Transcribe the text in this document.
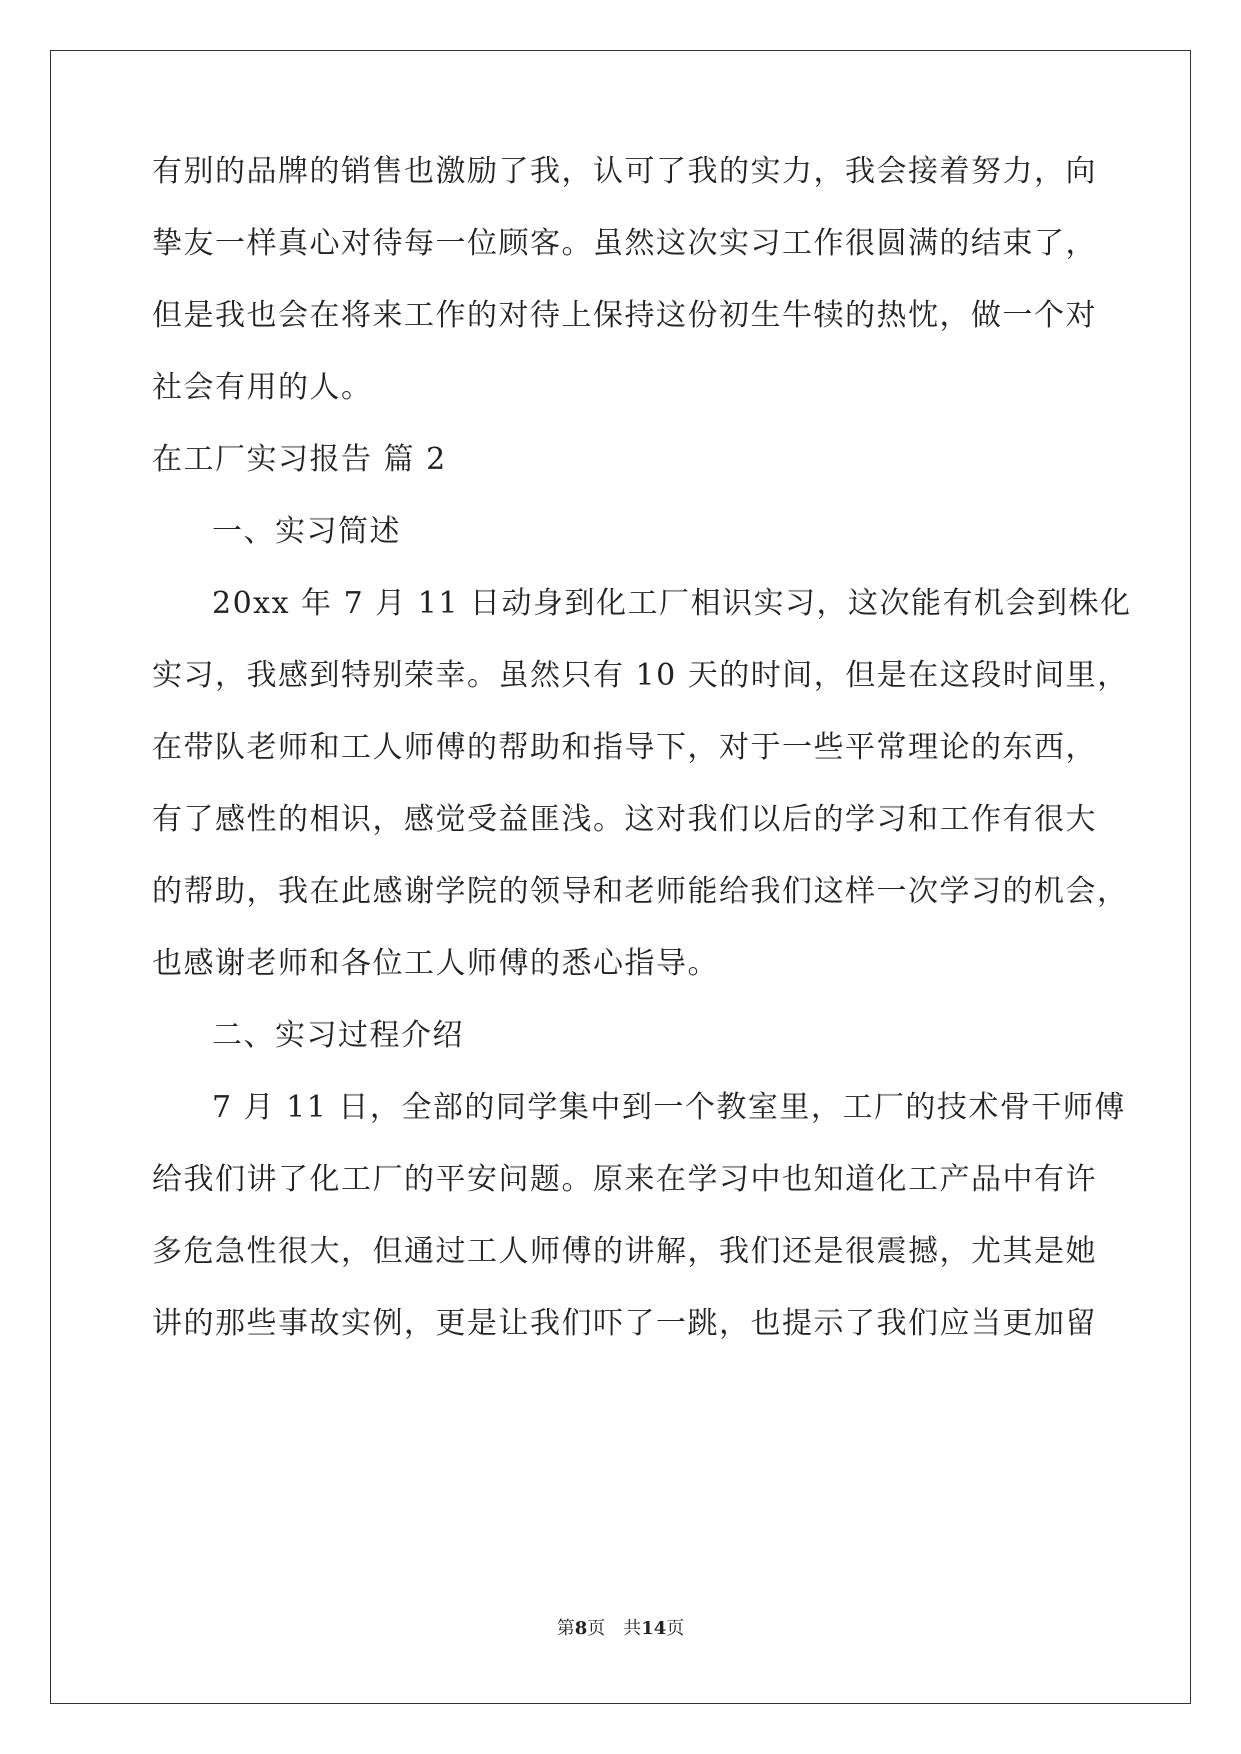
有别的品牌的销售也激励了我，认可了我的实力，我会接着努力，向
挚友一样真心对待每一位顾客。虽然这次实习工作很圆满的结束了，
但是我也会在将来工作的对待上保持这份初生牛犊的热忱，做一个对
社会有用的人。
在工厂实习报告 篇 2
一、实习简述
20xx 年 7 月 11 日动身到化工厂相识实习，这次能有机会到株化
实习，我感到特别荣幸。虽然只有 10 天的时间，但是在这段时间里，
在带队老师和工人师傅的帮助和指导下，对于一些平常理论的东西，
有了感性的相识，感觉受益匪浅。这对我们以后的学习和工作有很大
的帮助，我在此感谢学院的领导和老师能给我们这样一次学习的机会，
也感谢老师和各位工人师傅的悉心指导。
二、实习过程介绍
7 月 11 日，全部的同学集中到一个教室里，工厂的技术骨干师傅
给我们讲了化工厂的平安问题。原来在学习中也知道化工产品中有许
多危急性很大，但通过工人师傅的讲解，我们还是很震撼，尤其是她
讲的那些事故实例，更是让我们吓了一跳，也提示了我们应当更加留
第8页 共14页
